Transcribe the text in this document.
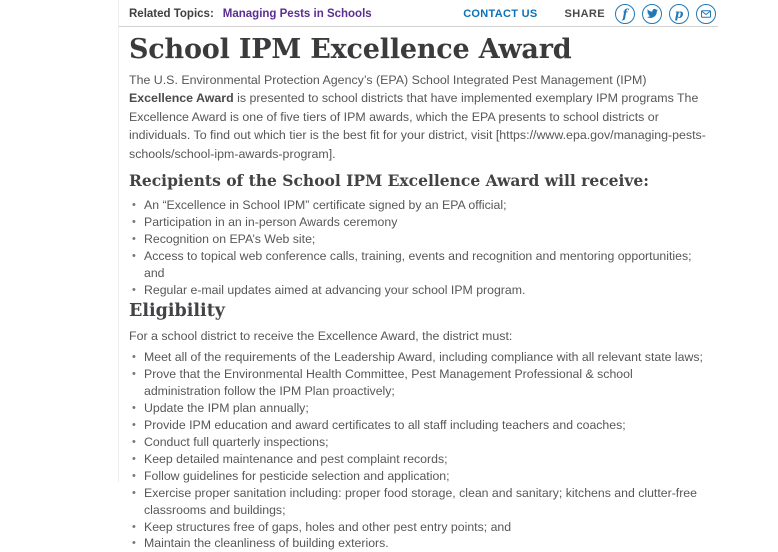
Related Topics: Managing Pests in Schools	CONTACT US SHARE f	p
School IPM Excellence Award

The U.S. Environmental Protection Agency’s (EPA) School Integrated Pest Management (IPM) Excellence Award is presented to school districts that have implemented exemplary IPM programs The Excellence Award is one of five tiers of IPM awards, which the EPA presents to school districts or individuals. To find out which tier is the best fit for your district, visit [https://www.epa.gov/managing-pests-schools/school-ipm-awards-program].

Recipients of the School IPM Excellence Award will receive:
• An “Excellence in School IPM” certificate signed by an EPA official;
• Participation in an in-person Awards ceremony
• Recognition on EPA’s Web site;
• Access to topical web conference calls, training, events and recognition and mentoring opportunities; and
• Regular e-mail updates aimed at advancing your school IPM program.
Eligibility

For a school district to receive the Excellence Award, the district must:

• Meet all of the requirements of the Leadership Award, including compliance with all relevant state laws;
• Prove that the Environmental Health Committee, Pest Management Professional & school administration follow the IPM Plan proactively;
• Update the IPM plan annually;
• Provide IPM education and award certificates to all staff including teachers and coaches;
• Conduct full quarterly inspections;
• Keep detailed maintenance and pest complaint records;
• Follow guidelines for pesticide selection and application;
• Exercise proper sanitation including: proper food storage, clean and sanitary; kitchens and clutter-free classrooms and buildings;
• Keep structures free of gaps, holes and other pest entry points; and
• Maintain the cleanliness of building exteriors.
